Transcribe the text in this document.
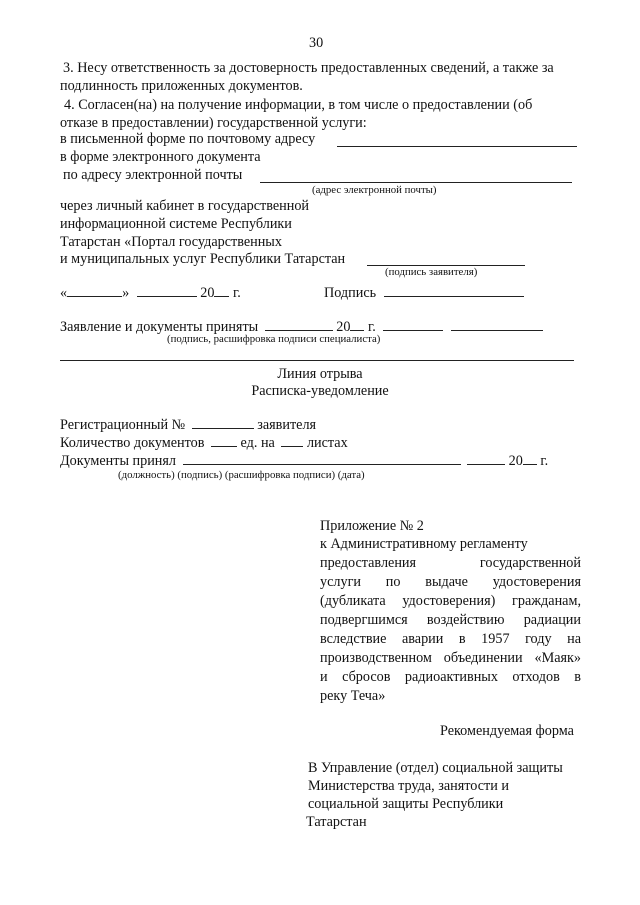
30
3. Несу ответственность за достоверность предоставленных сведений, а также за
подлинность приложенных документов.
4. Согласен(на) на получение информации, в том числе о предоставлении (об
отказе в предоставлении) государственной услуги:
в письменной форме по почтовому адресу
в форме электронного документа
по адресу электронной почты
(адрес электронной почты)
через личный кабинет в государственной
информационной системе Республики
Татарстан «Портал государственных
и муниципальных услуг Республики Татарстан
(подпись заявителя)
«	»	20 г.	Подпись
Заявление и документы приняты	20 г.
(подпись, расшифровка подписи специалиста)
Линия отрыва
Расписка-уведомление
Регистрационный №	заявителя
Количество документов	ед. на листах
Документы принял	20 г.
(должность) (подпись) (расшифровка подписи) (дата)
Приложение № 2
к Административному регламенту
предоставления государственной
услуги по выдаче удостоверения
(дубликата удостоверения) гражданам,
подвергшимся воздействию радиации
вследствие аварии в 1957 году на
производственном объединении «Маяк»
и сбросов радиоактивных отходов в
реку Теча»
Рекомендуемая форма
В Управление (отдел) социальной защиты
Министерства труда, занятости и
социальной защиты Республики
Татарстан
